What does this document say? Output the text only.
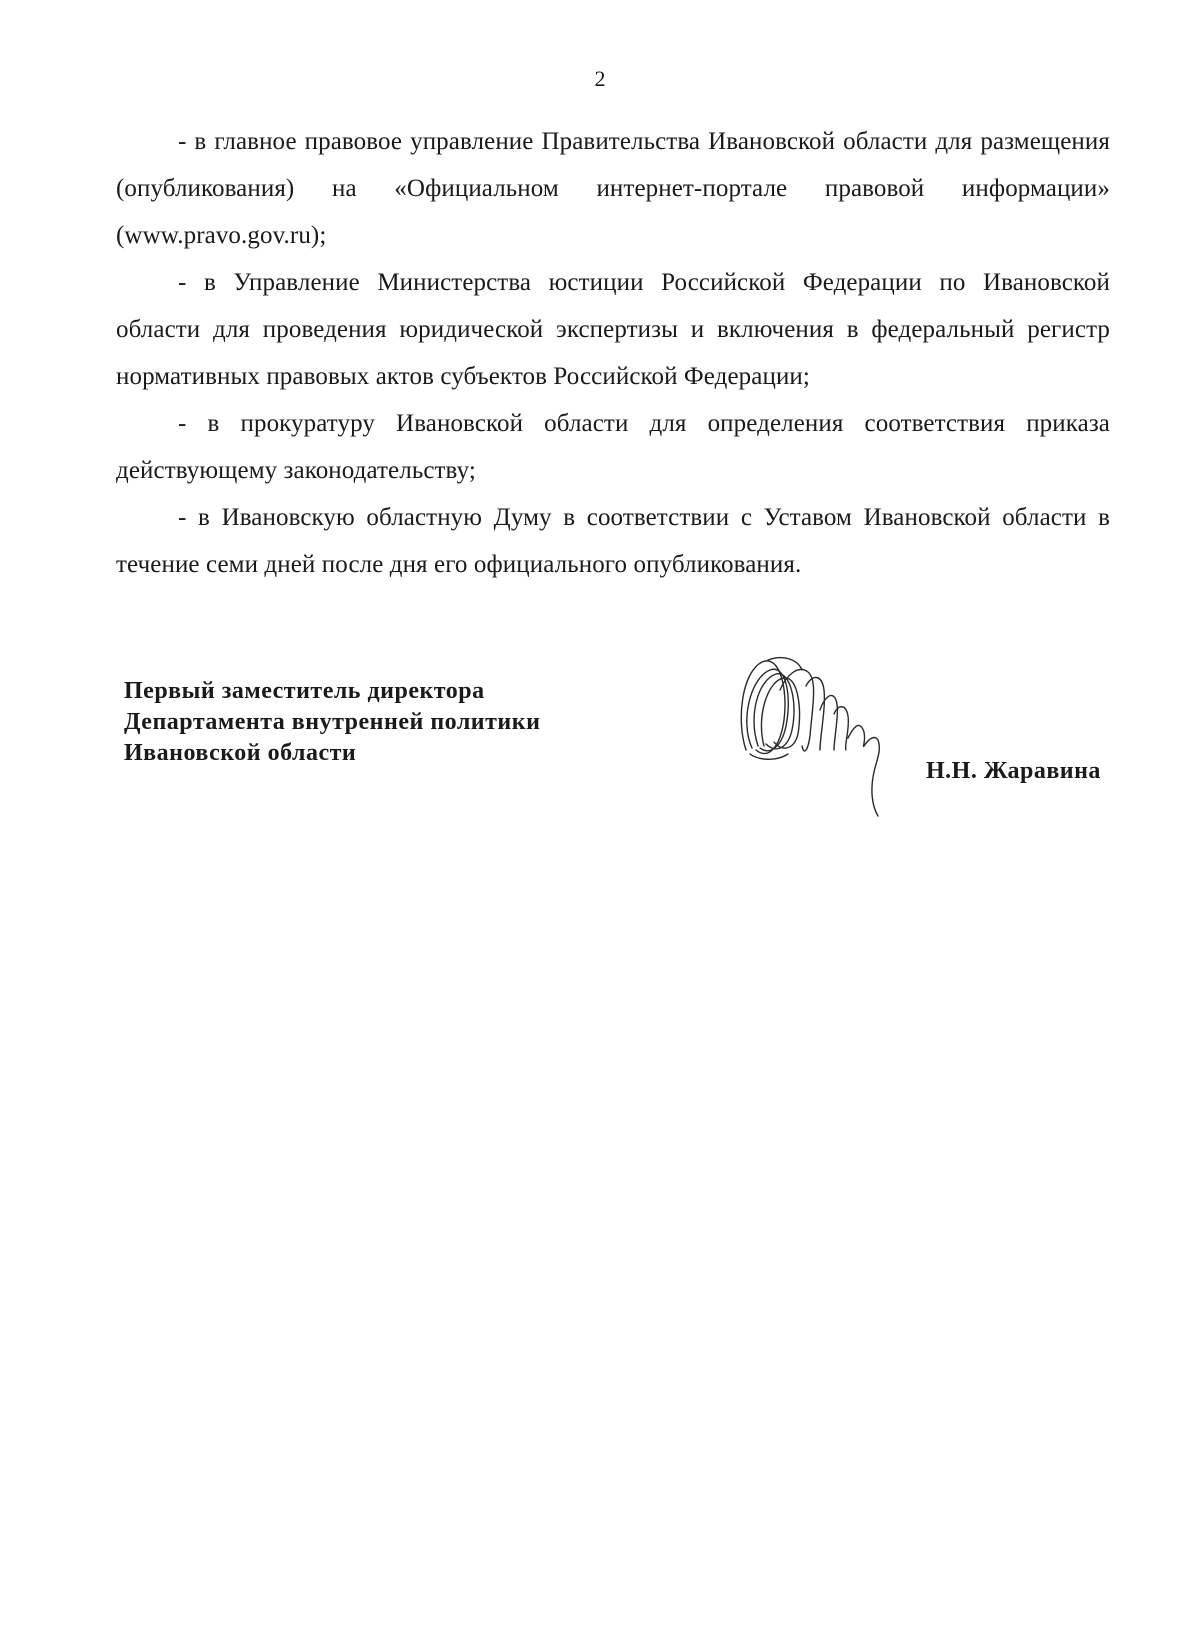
2

- в главное правовое управление Правительства Ивановской области для размещения (опубликования) на «Официальном интернет-портале правовой информации» (www.pravo.gov.ru);

- в Управление Министерства юстиции Российской Федерации по Ивановской области для проведения юридической экспертизы и включения в федеральный регистр нормативных правовых актов субъектов Российской Федерации;

- в прокуратуру Ивановской области для определения соответствия приказа действующему законодательству;

- в Ивановскую областную Думу в соответствии с Уставом Ивановской области в течение семи дней после дня его официального опубликования.

Первый заместитель директора
Департамента внутренней политики
Ивановской области
Н.Н. Жаравина
